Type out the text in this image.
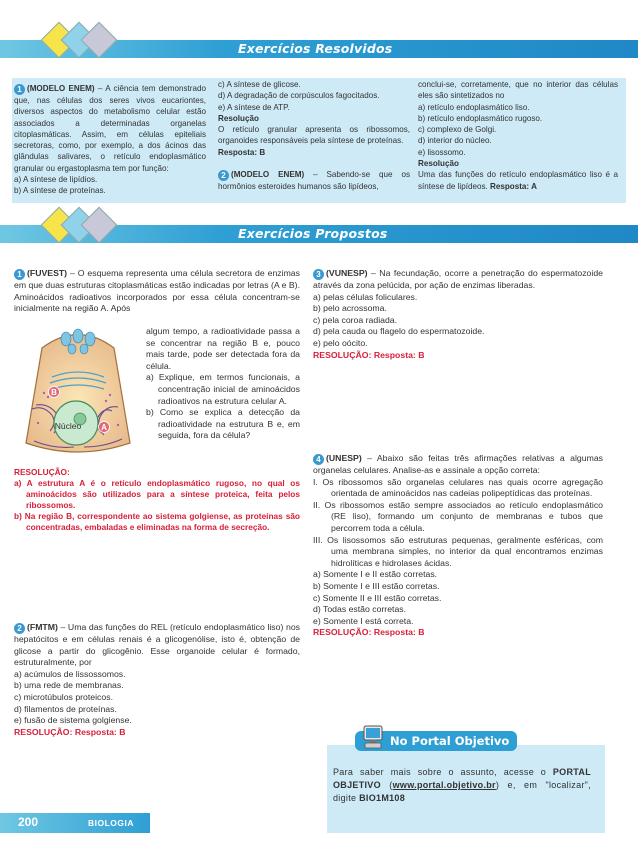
Exercícios Resolvidos

1 (MODELO ENEM) – A ciência tem demonstrado que, nas células dos seres vivos eucariontes, diversos aspectos do metabolismo celular estão associados a determinadas organelas citoplasmáticas. Assim, em células epiteliais secretoras, como, por exemplo, a dos ácinos das glândulas salivares, o retículo endoplasmático granular ou ergastoplasma tem por função:

a) A síntese de lipídios.

b) A síntese de proteínas.

c) A síntese de glicose.

d) A degradação de corpúsculos fagocitados.

e) A síntese de ATP.

Resolução

O retículo granular apresenta os ribossomos, organoides responsáveis pela síntese de proteínas.

Resposta: B

2 (MODELO ENEM) – Sabendo-se que os hormônios esteroides humanos são lipídeos,

conclui-se, corretamente, que no interior das células eles são sintetizados no

a) retículo endoplasmático liso.

b) retículo endoplasmático rugoso.

c) complexo de Golgi.

d) interior do núcleo.

e) lisossomo.

Resolução

Uma das funções do retículo endoplasmático liso é a síntese de lipídeos. Resposta: A

Exercícios Propostos

1 (FUVEST) – O esquema representa uma célula secretora de enzimas em que duas estruturas citoplasmáticas estão indicadas por letras (A e B). Aminoácidos radioativos incorporados por essa célula concentram-se inicialmente na região A. Após

B
A
Núcleo

algum tempo, a radioatividade passa a se concentrar na região B e, pouco mais tarde, pode ser detectada fora da célula.

a) Explique, em termos funcionais, a concentração inicial de aminoácidos radioativos na estrutura celular A.

b) Como se explica a detecção da radioatividade na estrutura B e, em seguida, fora da célula?

RESOLUÇÃO:

a) A estrutura A é o retículo endoplasmático rugoso, no qual os aminoácidos são utilizados para a síntese proteica, feita pelos ribossomos.

b) Na região B, correspondente ao sistema golgiense, as proteínas são concentradas, embaladas e eliminadas na forma de secreção.

2 (FMTM) – Uma das funções do REL (retículo endoplasmático liso) nos hepatócitos e em células renais é a glicogenólise, isto é, obtenção de glicose a partir do glicogênio. Esse organoide celular é formado, estruturalmente, por

a) acúmulos de lissossomos.

b) uma rede de membranas.

c) microtúbulos proteicos.

d) filamentos de proteínas.

e) fusão de sistema golgiense.

RESOLUÇÃO: Resposta: B

3 (VUNESP) – Na fecundação, ocorre a penetração do espermatozoide através da zona pelúcida, por ação de enzimas liberadas.

a) pelas células foliculares.

b) pelo acrossoma.

c) pela coroa radiada.

d) pela cauda ou flagelo do espermatozoide.

e) pelo oócito.

RESOLUÇÃO: Resposta: B

4 (UNESP) – Abaixo são feitas três afirmações relativas a algumas organelas celulares. Analise-as e assinale a opção correta:

I. Os ribossomos são organelas celulares nas quais ocorre agregação orientada de aminoácidos nas cadeias polipeptídicas das proteínas.

II. Os ribossomos estão sempre associados ao retículo endoplasmático (RE liso), formando um conjunto de membranas e tubos que percorrem toda a célula.

III. Os lisossomos são estruturas pequenas, geralmente esféricas, com uma membrana simples, no interior da qual encontramos enzimas hidrolíticas e hidrolases ácidas.

a) Somente I e II estão corretas.

b) Somente I e III estão corretas.

c) Somente II e III estão corretas.

d) Todas estão corretas.

e) Somente I está correta.

RESOLUÇÃO: Resposta: B

No Portal Objetivo

Para saber mais sobre o assunto, acesse o PORTAL OBJETIVO (www.portal.objetivo.br) e, em "localizar", digite BIO1M108

200	BIOLOGIA
